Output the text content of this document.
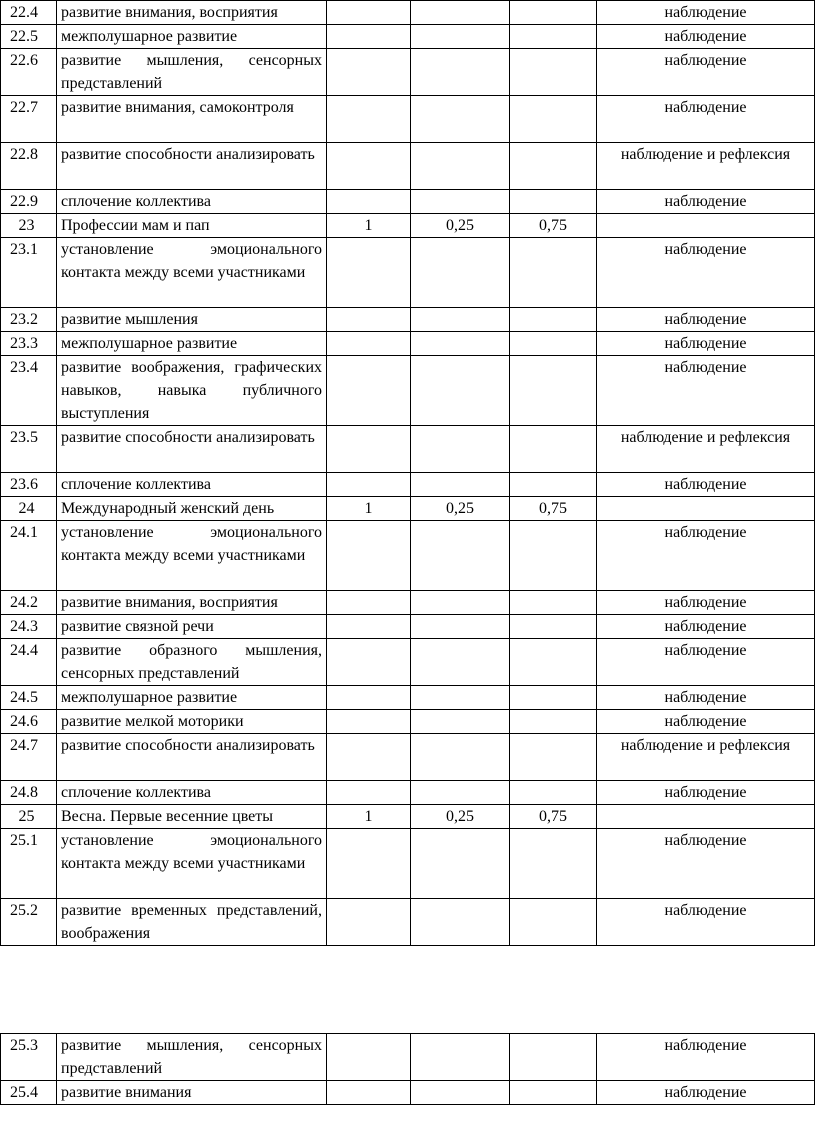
22.4	развитие внимания, восприятия				наблюдение
22.5	межполушарное развитие				наблюдение
22.6	развитие мышления, сенсорных представлений				наблюдение
22.7	развитие внимания, самоконтроля				наблюдение
22.8	развитие способности анализировать				наблюдение и рефлексия
22.9	сплочение коллектива				наблюдение
23	Профессии мам и пап	1	0,25	0,75	
23.1	установление эмоционального контакта между всеми участниками				наблюдение
23.2	развитие мышления				наблюдение
23.3	межполушарное развитие				наблюдение
23.4	развитие воображения, графических навыков, навыка публичного выступления				наблюдение
23.5	развитие способности анализировать				наблюдение и рефлексия
23.6	сплочение коллектива				наблюдение
24	Международный женский день	1	0,25	0,75	
24.1	установление эмоционального контакта между всеми участниками				наблюдение
24.2	развитие внимания, восприятия				наблюдение
24.3	развитие связной речи				наблюдение
24.4	развитие образного мышления, сенсорных представлений				наблюдение
24.5	межполушарное развитие				наблюдение
24.6	развитие мелкой моторики				наблюдение
24.7	развитие способности анализировать				наблюдение и рефлексия
24.8	сплочение коллектива				наблюдение
25	Весна. Первые весенние цветы	1	0,25	0,75	
25.1	установление эмоционального контакта между всеми участниками				наблюдение
25.2	развитие временных представлений, воображения				наблюдение
25.3	развитие мышления, сенсорных представлений				наблюдение
25.4	развитие внимания				наблюдение
